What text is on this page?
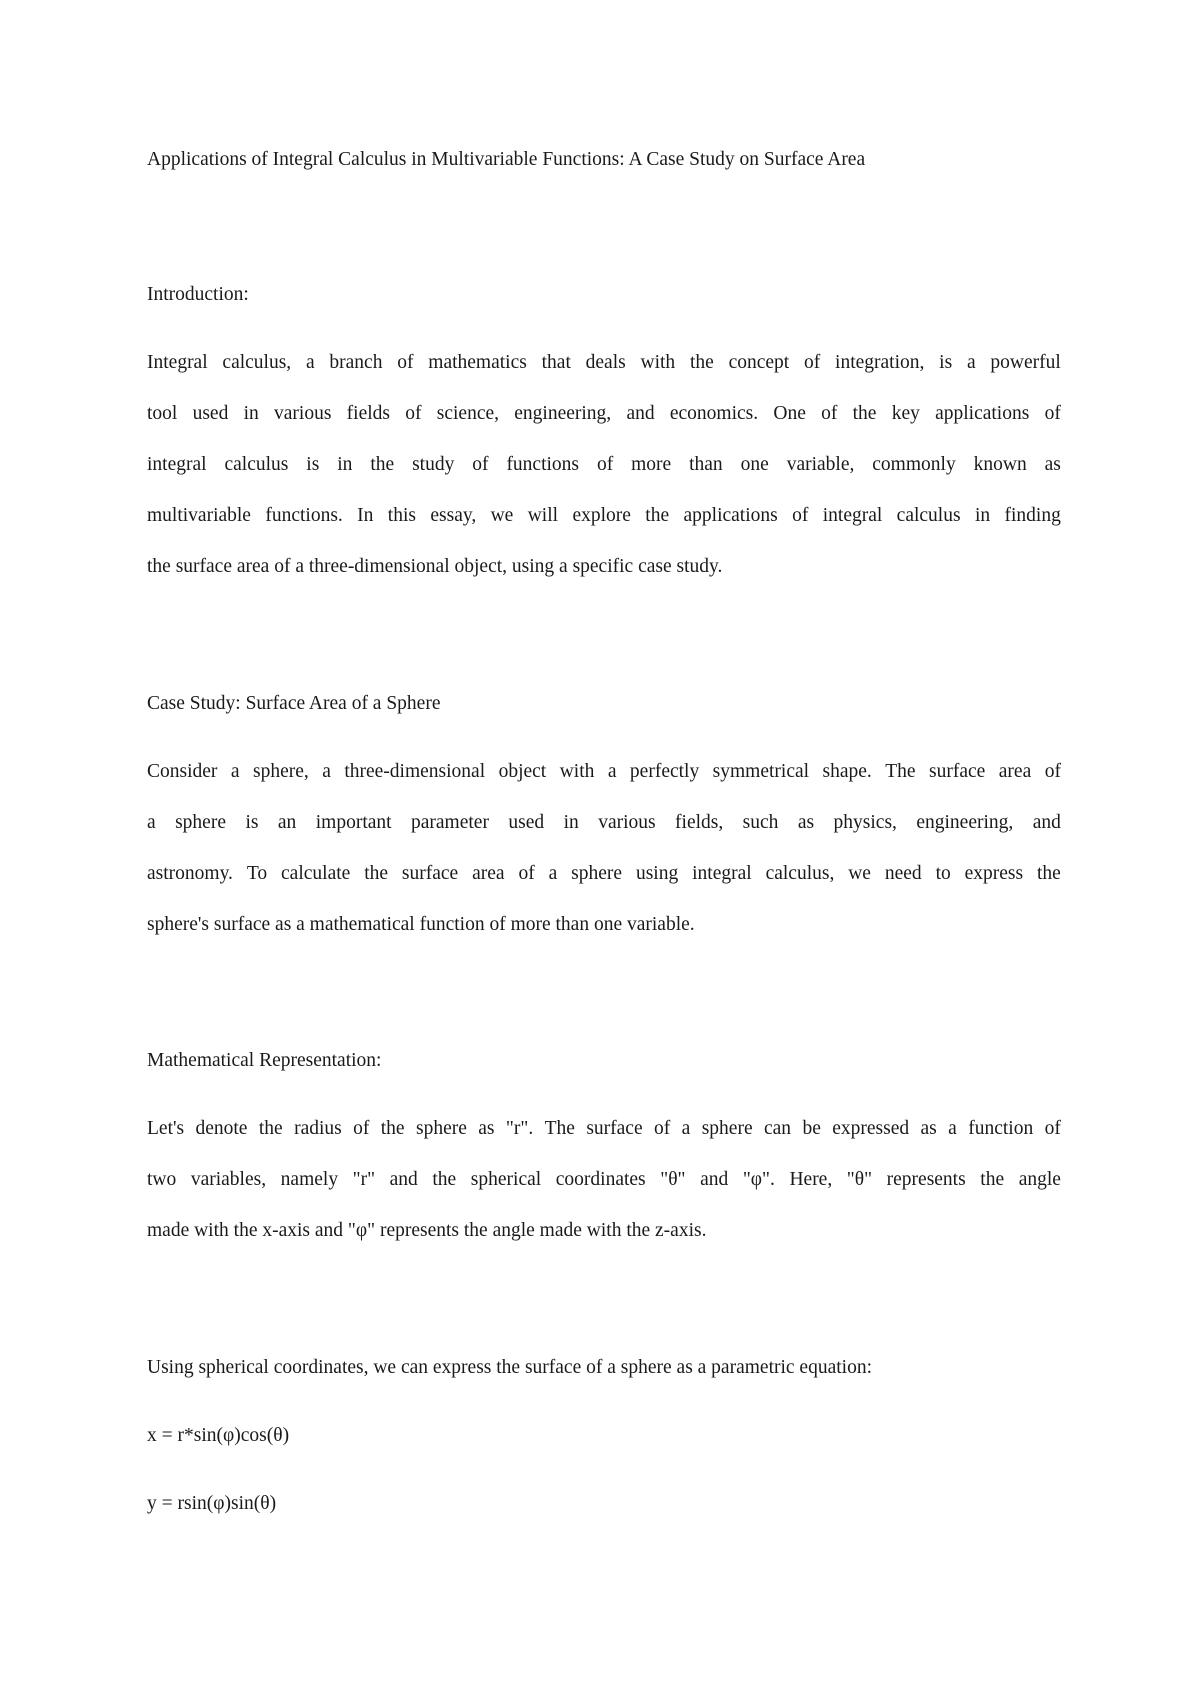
Applications of Integral Calculus in Multivariable Functions: A Case Study on Surface Area

Introduction:

Integral calculus, a branch of mathematics that deals with the concept of integration, is a powerful

tool used in various fields of science, engineering, and economics. One of the key applications of

integral calculus is in the study of functions of more than one variable, commonly known as

multivariable functions. In this essay, we will explore the applications of integral calculus in finding

the surface area of a three-dimensional object, using a specific case study.

Case Study: Surface Area of a Sphere

Consider a sphere, a three-dimensional object with a perfectly symmetrical shape. The surface area of

a sphere is an important parameter used in various fields, such as physics, engineering, and

astronomy. To calculate the surface area of a sphere using integral calculus, we need to express the

sphere's surface as a mathematical function of more than one variable.

Mathematical Representation:

Let's denote the radius of the sphere as "r". The surface of a sphere can be expressed as a function of

two variables, namely "r" and the spherical coordinates "θ" and "φ". Here, "θ" represents the angle

made with the x-axis and "φ" represents the angle made with the z-axis.

Using spherical coordinates, we can express the surface of a sphere as a parametric equation:

x = r*sin(φ)cos(θ)

y = rsin(φ)sin(θ)
